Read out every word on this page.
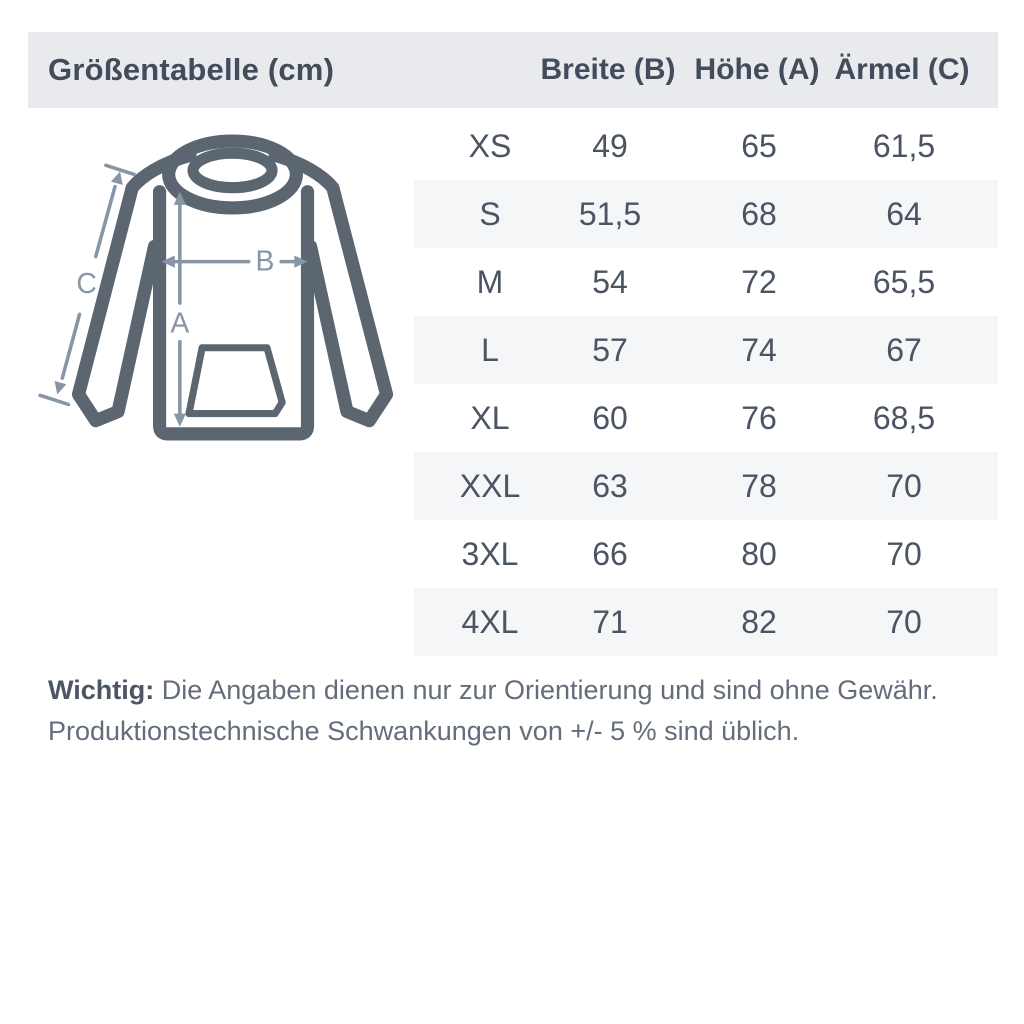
Größentabelle (cm)	Breite (B) Höhe (A) Ärmel (C)
A
B
C
XS	49	65	61,5
S	51,5	68	64
M	54	72	65,5
L	57	74	67
XL	60	76	68,5
XXL	63	78	70
3XL	66	80	70
4XL	71	82	70

Wichtig: Die Angaben dienen nur zur Orientierung und sind ohne Gewähr.

Produktionstechnische Schwankungen von +/- 5 % sind üblich.
